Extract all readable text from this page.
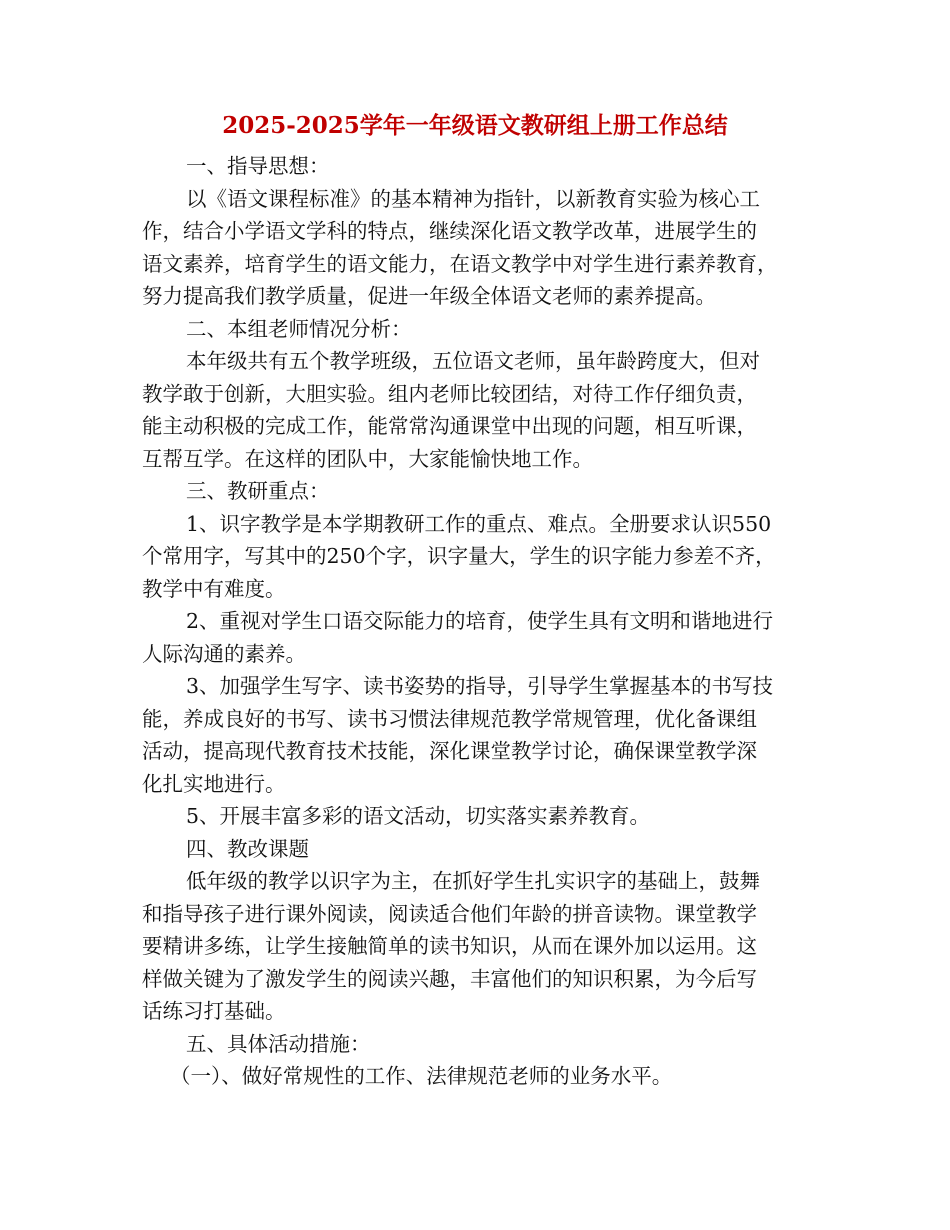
2025-2025学年一年级语文教研组上册工作总结
一、指导思想：
以《语文课程标准》的基本精神为指针，以新教育实验为核心工
作，结合小学语文学科的特点，继续深化语文教学改革，进展学生的
语文素养，培育学生的语文能力，在语文教学中对学生进行素养教育，
努力提高我们教学质量，促进一年级全体语文老师的素养提高。
二、本组老师情况分析：
本年级共有五个教学班级，五位语文老师，虽年龄跨度大，但对
教学敢于创新，大胆实验。组内老师比较团结，对待工作仔细负责，
能主动积极的完成工作，能常常沟通课堂中出现的问题，相互听课，
互帮互学。在这样的团队中，大家能愉快地工作。
三、教研重点：
1、识字教学是本学期教研工作的重点、难点。全册要求认识550
个常用字，写其中的250个字，识字量大，学生的识字能力参差不齐，
教学中有难度。
2、重视对学生口语交际能力的培育，使学生具有文明和谐地进行
人际沟通的素养。
3、加强学生写字、读书姿势的指导，引导学生掌握基本的书写技
能，养成良好的书写、读书习惯法律规范教学常规管理，优化备课组
活动，提高现代教育技术技能，深化课堂教学讨论，确保课堂教学深
化扎实地进行。
5、开展丰富多彩的语文活动，切实落实素养教育。
四、教改课题
低年级的教学以识字为主，在抓好学生扎实识字的基础上，鼓舞
和指导孩子进行课外阅读，阅读适合他们年龄的拼音读物。课堂教学
要精讲多练，让学生接触简单的读书知识，从而在课外加以运用。这
样做关键为了激发学生的阅读兴趣，丰富他们的知识积累，为今后写
话练习打基础。
五、具体活动措施：
（一）、做好常规性的工作、法律规范老师的业务水平。
